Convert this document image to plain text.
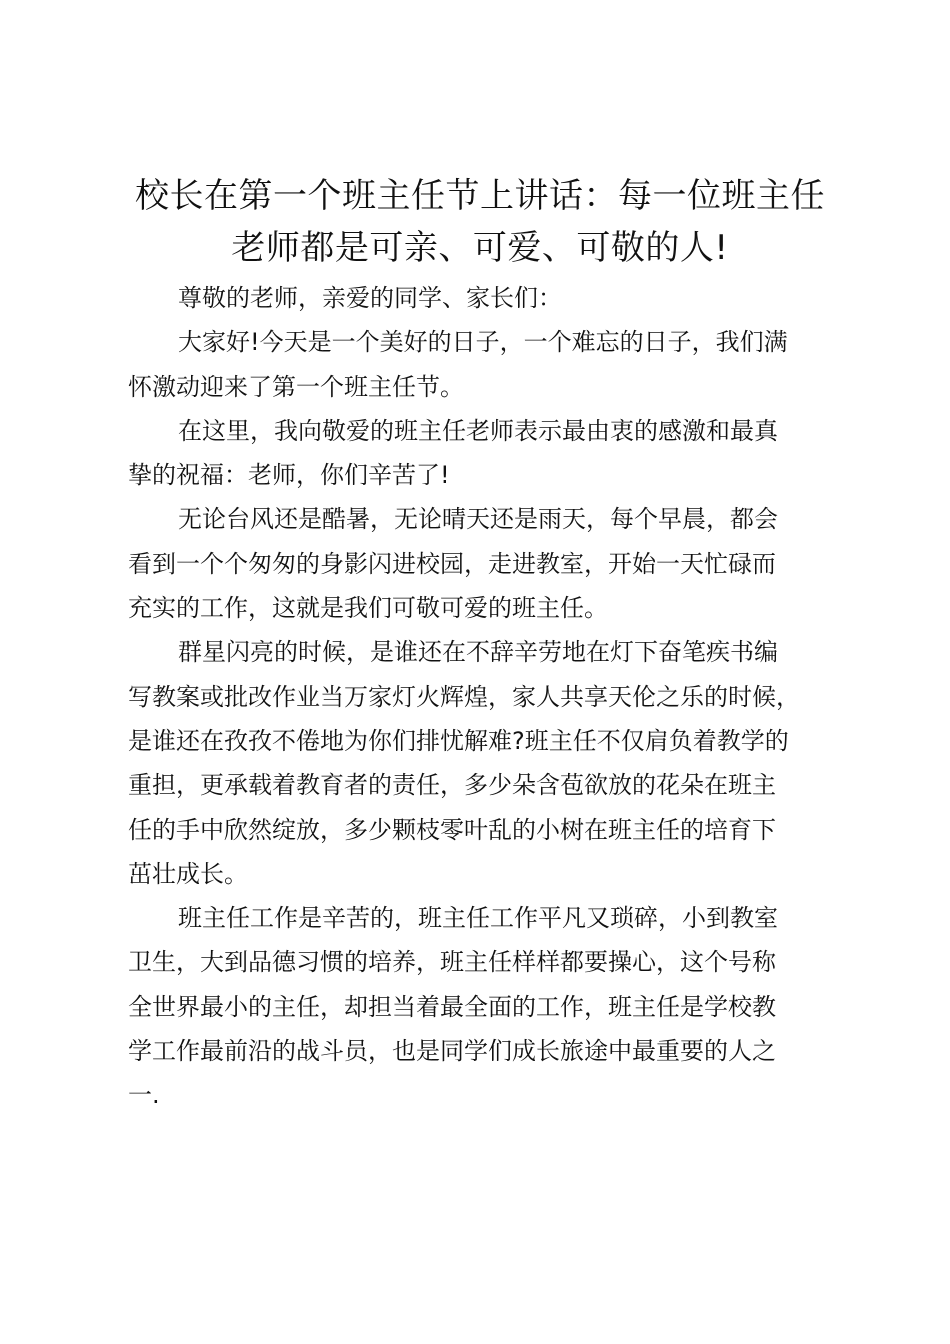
校长在第一个班主任节上讲话：每一位班主任
老师都是可亲、可爱、可敬的人!
尊敬的老师，亲爱的同学、家长们：
大家好!今天是一个美好的日子，一个难忘的日子，我们满
怀激动迎来了第一个班主任节。
在这里，我向敬爱的班主任老师表示最由衷的感激和最真
挚的祝福：老师，你们辛苦了!
无论台风还是酷暑，无论晴天还是雨天，每个早晨，都会
看到一个个匆匆的身影闪进校园，走进教室，开始一天忙碌而
充实的工作，这就是我们可敬可爱的班主任。
群星闪亮的时候，是谁还在不辞辛劳地在灯下奋笔疾书编
写教案或批改作业当万家灯火辉煌，家人共享天伦之乐的时候，
是谁还在孜孜不倦地为你们排忧解难?班主任不仅肩负着教学的
重担，更承载着教育者的责任，多少朵含苞欲放的花朵在班主
任的手中欣然绽放，多少颗枝零叶乱的小树在班主任的培育下
茁壮成长。
班主任工作是辛苦的，班主任工作平凡又琐碎，小到教室
卫生，大到品德习惯的培养，班主任样样都要操心，这个号称
全世界最小的主任，却担当着最全面的工作，班主任是学校教
学工作最前沿的战斗员，也是同学们成长旅途中最重要的人之
一.
